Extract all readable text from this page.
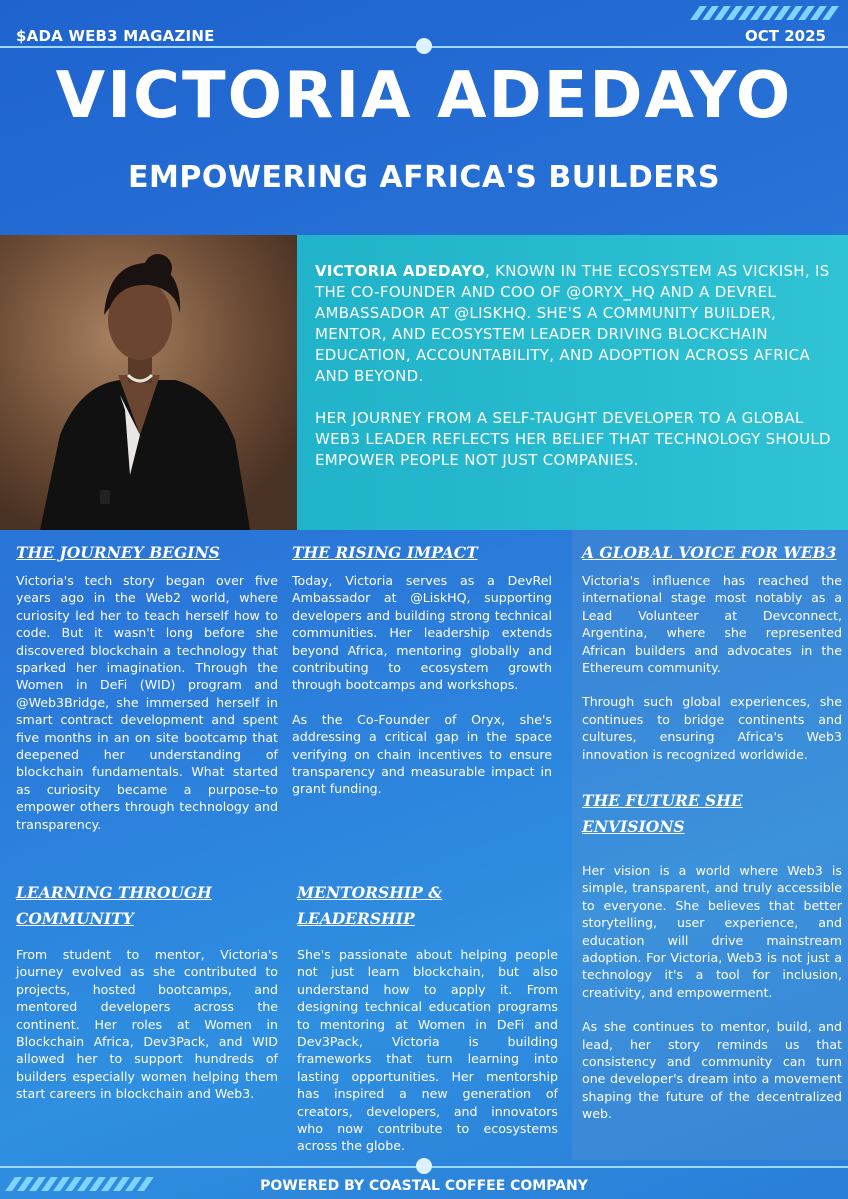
$ADA WEB3 MAGAZINE	OCT 2025
VICTORIA ADEDAYO
EMPOWERING AFRICA'S BUILDERS

VICTORIA ADEDAYO, KNOWN IN THE ECOSYSTEM AS VICKISH, IS THE CO-FOUNDER AND COO OF @ORYX_HQ AND A DEVREL AMBASSADOR AT @LISKHQ. SHE'S A COMMUNITY BUILDER, MENTOR, AND ECOSYSTEM LEADER DRIVING BLOCKCHAIN EDUCATION, ACCOUNTABILITY, AND ADOPTION ACROSS AFRICA AND BEYOND.

HER JOURNEY FROM A SELF-TAUGHT DEVELOPER TO A GLOBAL WEB3 LEADER REFLECTS HER BELIEF THAT TECHNOLOGY SHOULD EMPOWER PEOPLE NOT JUST COMPANIES.

THE JOURNEY BEGINS

Victoria's tech story began over five years ago in the Web2 world, where curiosity led her to teach herself how to code. But it wasn't long before she discovered blockchain a technology that sparked her imagination. Through the Women in DeFi (WID) program and @Web3Bridge, she immersed herself in smart contract development and spent five months in an on site bootcamp that deepened her understanding of blockchain fundamentals. What started as curiosity became a purpose–to empower others through technology and transparency.

THE RISING IMPACT

Today, Victoria serves as a DevRel Ambassador at @LiskHQ, supporting developers and building strong technical communities. Her leadership extends beyond Africa, mentoring globally and contributing to ecosystem growth through bootcamps and workshops.

As the Co-Founder of Oryx, she's addressing a critical gap in the space verifying on chain incentives to ensure transparency and measurable impact in grant funding.

A GLOBAL VOICE FOR WEB3

Victoria's influence has reached the international stage most notably as a Lead Volunteer at Devconnect, Argentina, where she represented African builders and advocates in the Ethereum community.

Through such global experiences, she continues to bridge continents and cultures, ensuring Africa's Web3 innovation is recognized worldwide.

THE FUTURE SHE
ENVISIONS

Her vision is a world where Web3 is simple, transparent, and truly accessible to everyone. She believes that better storytelling, user experience, and education will drive mainstream adoption. For Victoria, Web3 is not just a technology it's a tool for inclusion, creativity, and empowerment.

As she continues to mentor, build, and lead, her story reminds us that consistency and community can turn one developer's dream into a movement shaping the future of the decentralized web.

LEARNING THROUGH
COMMUNITY

From student to mentor, Victoria's journey evolved as she contributed to projects, hosted bootcamps, and mentored developers across the continent. Her roles at Women in Blockchain Africa, Dev3Pack, and WID allowed her to support hundreds of builders especially women helping them start careers in blockchain and Web3.

MENTORSHIP &
LEADERSHIP

She's passionate about helping people not just learn blockchain, but also understand how to apply it. From designing technical education programs to mentoring at Women in DeFi and Dev3Pack, Victoria is building frameworks that turn learning into lasting opportunities. Her mentorship has inspired a new generation of creators, developers, and innovators who now contribute to ecosystems across the globe.

POWERED BY COASTAL COFFEE COMPANY
